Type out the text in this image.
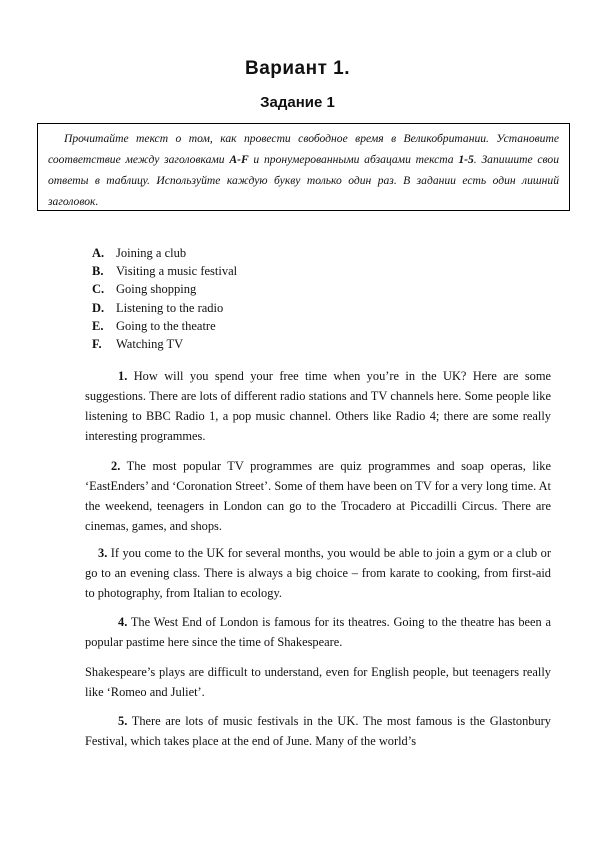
Вариант 1.
Задание 1

Прочитайте текст о том, как провести свободное время в Великобритании. Установите соответствие между заголовками A-F и пронумерованными абзацами текста 1-5. Запишите свои ответы в таблицу. Используйте каждую букву только один раз. В задании есть один лишний заголовок.

A. Joining a club
B.	Visiting a music festival
C. Going shopping
D. Listening to the radio
E.	Going to the theatre
F.	Watching TV

1. How will you spend your free time when you’re in the UK? Here are some suggestions. There are lots of different radio stations and TV channels here. Some people like listening to BBC Radio 1, a pop music channel. Others like Radio 4; there are some really interesting programmes.

2. The most popular TV programmes are quiz programmes and soap operas, like ‘EastEnders’ and ‘Coronation Street’. Some of them have been on TV for a very long time. At the weekend, teenagers in London can go to the Trocadero at Piccadilli Circus. There are cinemas, games, and shops.

3. If you come to the UK for several months, you would be able to join a gym or a club or go to an evening class. There is always a big choice – from karate to cooking, from first-aid to photography, from Italian to ecology.

4. The West End of London is famous for its theatres. Going to the theatre has been a popular pastime here since the time of Shakespeare.

Shakespeare’s plays are difficult to understand, even for English people, but teenagers really like ‘Romeo and Juliet’.

5. There are lots of music festivals in the UK. The most famous is the Glastonbury Festival, which takes place at the end of June. Many of the world’s
